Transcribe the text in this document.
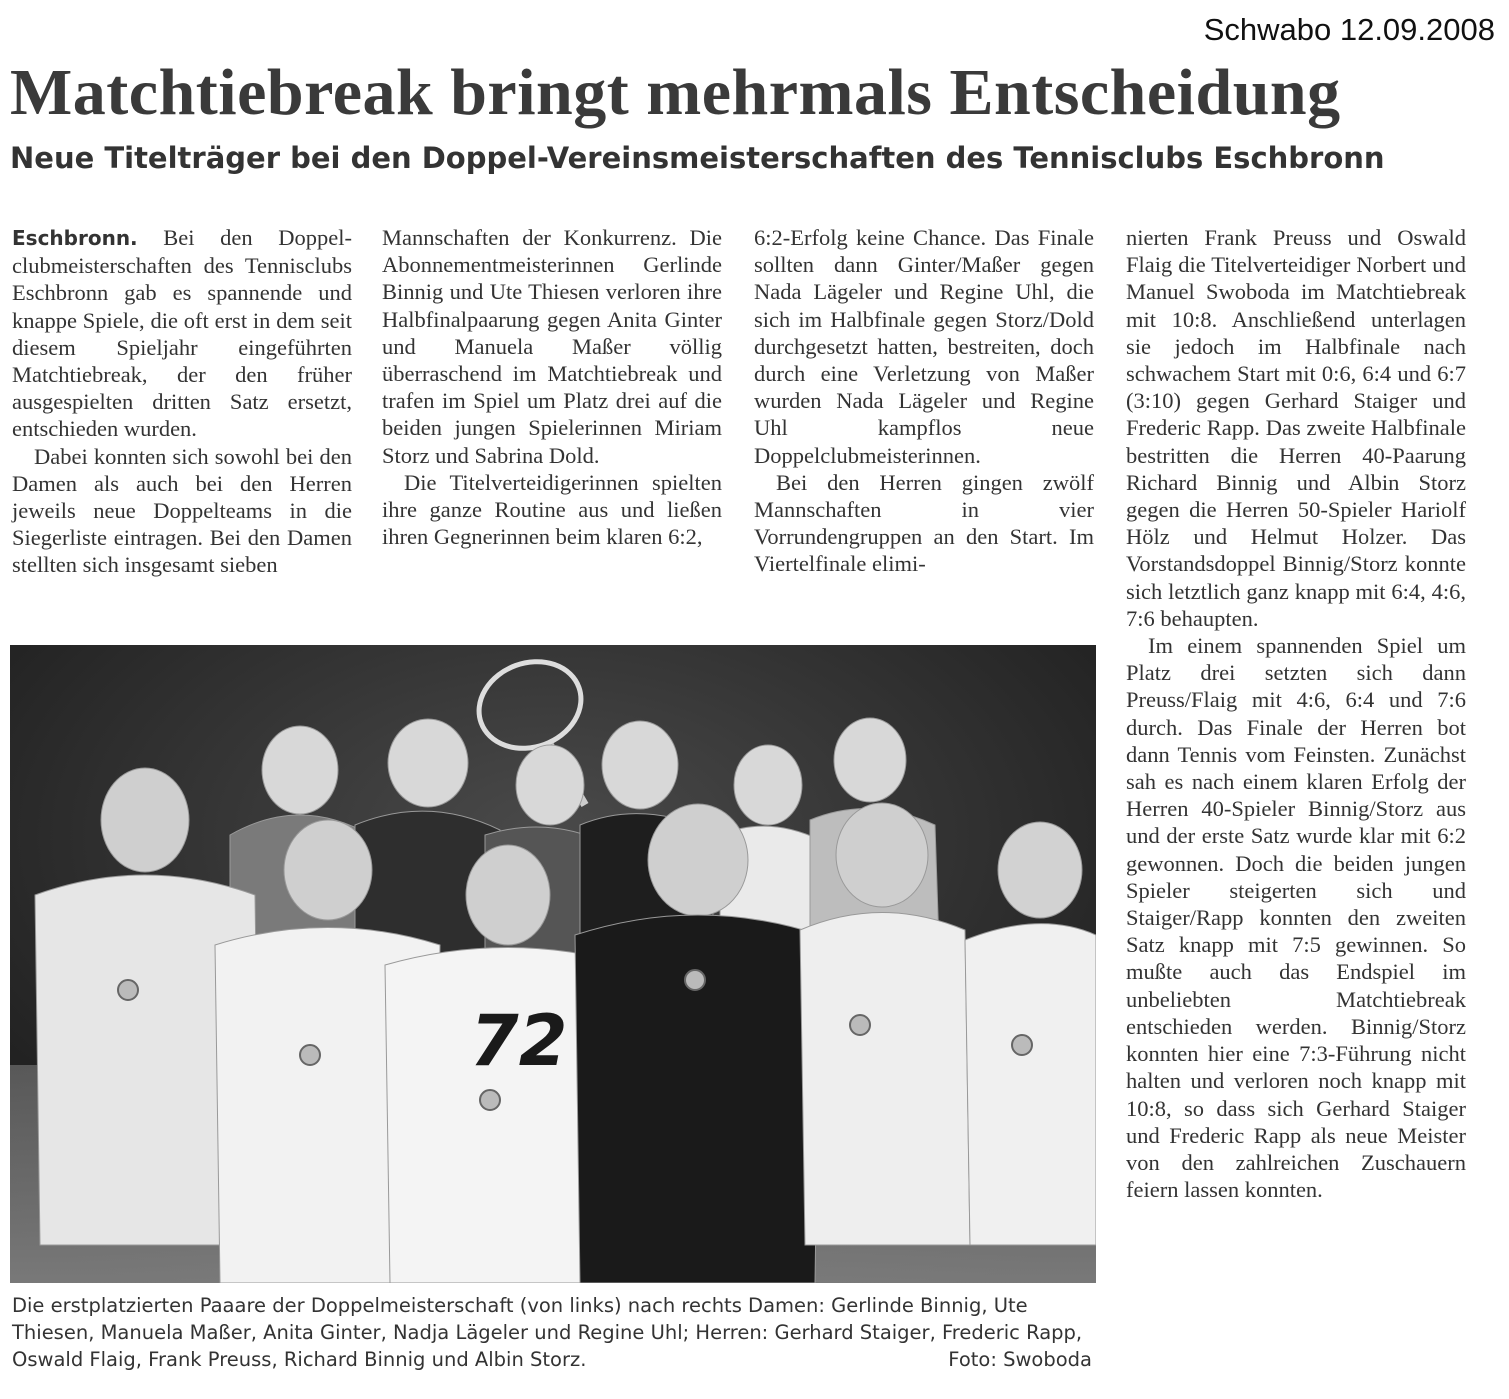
Schwabo 12.09.2008
Matchtiebreak bringt mehrmals Entscheidung
Neue Titelträger bei den Doppel-Vereinsmeisterschaften des Tennisclubs Eschbronn

Eschbronn. Bei den Doppel-clubmeisterschaften des Tennisclubs Eschbronn gab es spannende und knappe Spiele, die oft erst in dem seit diesem Spieljahr eingeführten Matchtiebreak, der den früher ausgespielten dritten Satz ersetzt, entschieden wurden.

Dabei konnten sich sowohl bei den Damen als auch bei den Herren jeweils neue Doppelteams in die Siegerliste eintragen. Bei den Damen stellten sich insgesamt sieben

Mannschaften der Konkurrenz. Die Abonnementmeisterinnen Gerlinde Binnig und Ute Thiesen verloren ihre Halbfinalpaarung gegen Anita Ginter und Manuela Maßer völlig überraschend im Matchtiebreak und trafen im Spiel um Platz drei auf die beiden jungen Spielerinnen Miriam Storz und Sabrina Dold.

Die Titelverteidigerinnen spielten ihre ganze Routine aus und ließen ihren Gegnerinnen beim klaren 6:2,

6:2-Erfolg keine Chance. Das Finale sollten dann Ginter/Maßer gegen Nada Lägeler und Regine Uhl, die sich im Halbfinale gegen Storz/Dold durchgesetzt hatten, bestreiten, doch durch eine Verletzung von Maßer wurden Nada Lägeler und Regine Uhl kampflos neue Doppelclubmeisterinnen.

Bei den Herren gingen zwölf Mannschaften in vier Vorrundengruppen an den Start. Im Viertelfinale elimi-

nierten Frank Preuss und Oswald Flaig die Titelverteidiger Norbert und Manuel Swoboda im Matchtiebreak mit 10:8. Anschließend unterlagen sie jedoch im Halbfinale nach schwachem Start mit 0:6, 6:4 und 6:7 (3:10) gegen Gerhard Staiger und Frederic Rapp. Das zweite Halbfinale bestritten die Herren 40-Paarung Richard Binnig und Albin Storz gegen die Herren 50-Spieler Hariolf Hölz und Helmut Holzer. Das Vorstandsdoppel Binnig/Storz konnte sich letztlich ganz knapp mit 6:4, 4:6, 7:6 behaupten.

Im einem spannenden Spiel um Platz drei setzten sich dann Preuss/Flaig mit 4:6, 6:4 und 7:6 durch. Das Finale der Herren bot dann Tennis vom Feinsten. Zunächst sah es nach einem klaren Erfolg der Herren 40-Spieler Binnig/Storz aus und der erste Satz wurde klar mit 6:2 gewonnen. Doch die beiden jungen Spieler steigerten sich und Staiger/Rapp konnten den zweiten Satz knapp mit 7:5 gewinnen. So mußte auch das Endspiel im unbeliebten Matchtiebreak entschieden werden. Binnig/Storz konnten hier eine 7:3-Führung nicht halten und verloren noch knapp mit 10:8, so dass sich Gerhard Staiger und Frederic Rapp als neue Meister von den zahlreichen Zuschauern feiern lassen konnten.

72

Die erstplatzierten Paaare der Doppelmeisterschaft (von links) nach rechts Damen: Gerlinde Binnig, Ute Thiesen, Manuela Maßer, Anita Ginter, Nadja Lägeler und Regine Uhl; Herren: Gerhard Staiger, Frederic Rapp, Oswald Flaig, Frank Preuss, Richard Binnig und Albin Storz.	Foto: Swoboda
